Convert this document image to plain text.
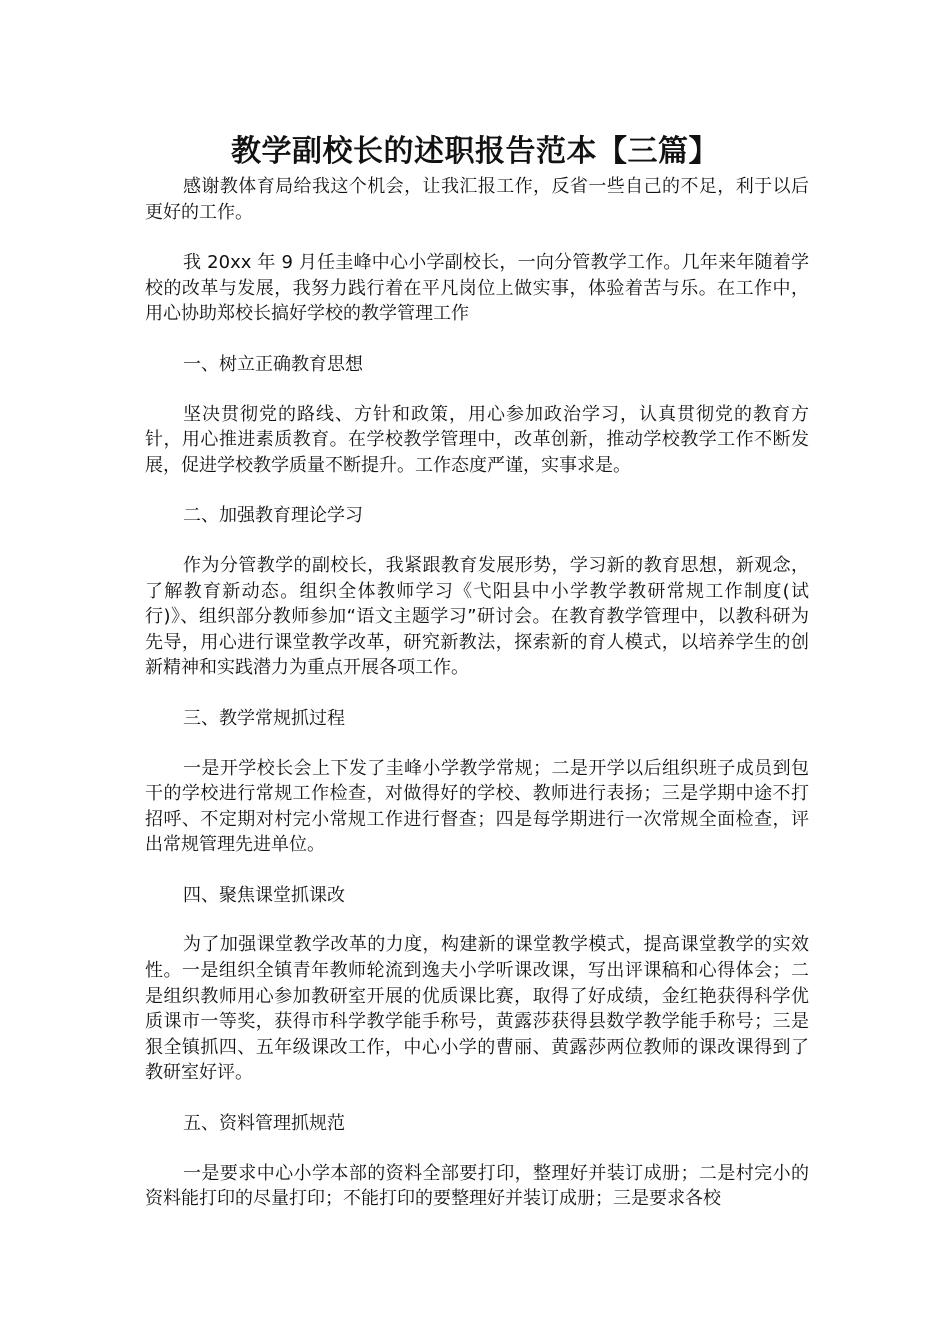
教学副校长的述职报告范本【三篇】

感谢教体育局给我这个机会，让我汇报工作，反省一些自己的不足，利于以后更好的工作。

我 20xx 年 9 月任圭峰中心小学副校长，一向分管教学工作。几年来年随着学校的改革与发展，我努力践行着在平凡岗位上做实事，体验着苦与乐。在工作中，用心协助郑校长搞好学校的教学管理工作

一、树立正确教育思想

坚决贯彻党的路线、方针和政策，用心参加政治学习，认真贯彻党的教育方针，用心推进素质教育。在学校教学管理中，改革创新，推动学校教学工作不断发展，促进学校教学质量不断提升。工作态度严谨，实事求是。

二、加强教育理论学习

作为分管教学的副校长，我紧跟教育发展形势，学习新的教育思想，新观念，了解教育新动态。组织全体教师学习《弋阳县中小学教学教研常规工作制度(试行)》、组织部分教师参加“语文主题学习”研讨会。在教育教学管理中，以教科研为先导，用心进行课堂教学改革，研究新教法，探索新的育人模式，以培养学生的创新精神和实践潜力为重点开展各项工作。

三、教学常规抓过程

一是开学校长会上下发了圭峰小学教学常规；二是开学以后组织班子成员到包干的学校进行常规工作检查，对做得好的学校、教师进行表扬；三是学期中途不打招呼、不定期对村完小常规工作进行督查；四是每学期进行一次常规全面检查，评出常规管理先进单位。

四、聚焦课堂抓课改

为了加强课堂教学改革的力度，构建新的课堂教学模式，提高课堂教学的实效性。一是组织全镇青年教师轮流到逸夫小学听课改课，写出评课稿和心得体会；二是组织教师用心参加教研室开展的优质课比赛，取得了好成绩，金红艳获得科学优质课市一等奖，获得市科学教学能手称号，黄露莎获得县数学教学能手称号；三是狠全镇抓四、五年级课改工作，中心小学的曹丽、黄露莎两位教师的课改课得到了教研室好评。

五、资料管理抓规范

一是要求中心小学本部的资料全部要打印，整理好并装订成册；二是村完小的资料能打印的尽量打印；不能打印的要整理好并装订成册；三是要求各校
